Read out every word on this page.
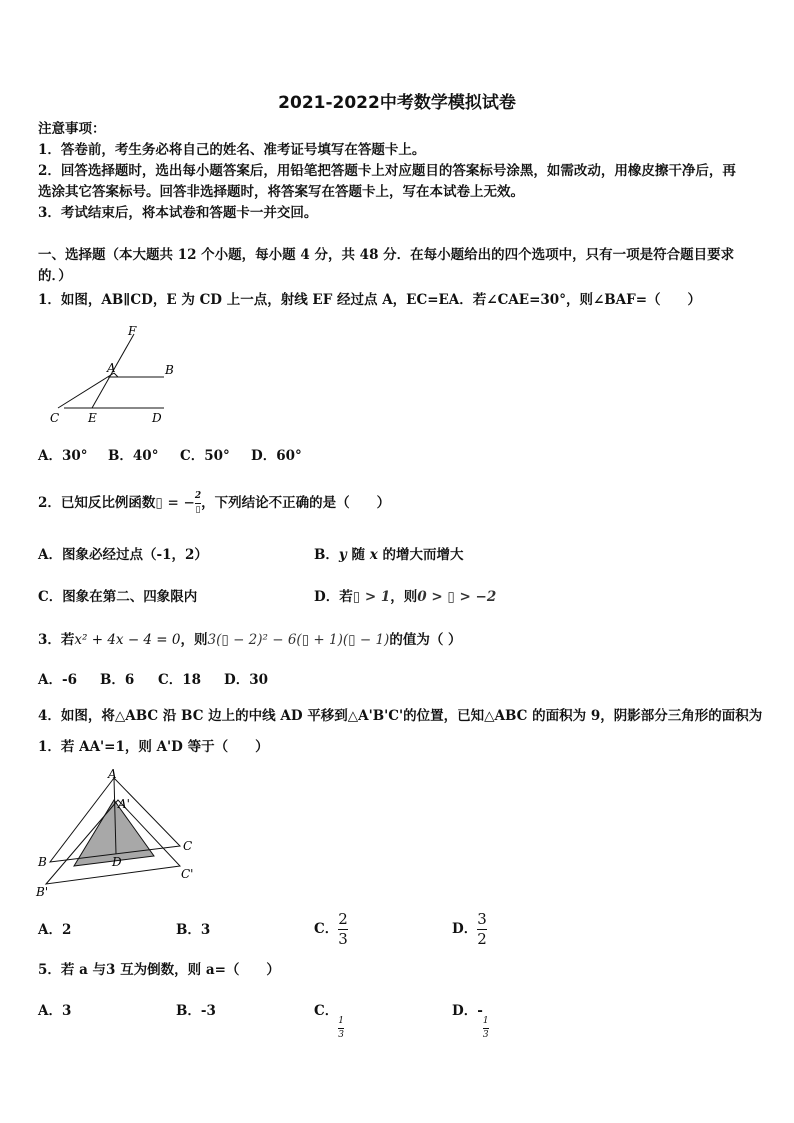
2021-2022中考数学模拟试卷
注意事项：
1．答卷前，考生务必将自己的姓名、准考证号填写在答题卡上。
2．回答选择题时，选出每小题答案后，用铅笔把答题卡上对应题目的答案标号涂黑，如需改动，用橡皮擦干净后，再
选涂其它答案标号。回答非选择题时，将答案写在答题卡上，写在本试卷上无效。
3．考试结束后，将本试卷和答题卡一并交回。
一、选择题（本大题共 12 个小题，每小题 4 分，共 48 分．在每小题给出的四个选项中，只有一项是符合题目要求
的．）
1．如图，AB∥CD，E 为 CD 上一点，射线 EF 经过点 A，EC=EA．若∠CAE=30°，则∠BAF=（　　）
F
A	B
C E	D
A．30° B．40° C．50° D．60°
2．已知反比例函数▯ = − $\frac{2}{▯}$ ，下列结论不正确的是（　　）
A．图象必经过点（-1，2）	B．y 随 x 的增大而增大
C．图象在第二、四象限内	D．若▯ > 1，则0 > ▯ > −2
3．若x² + 4x − 4 = 0，则3(▯ − 2)² − 6(▯ + 1)(▯ − 1)的值为（ ）
A．-6 B．6 C．18 D．30
4．如图，将△ABC 沿 BC 边上的中线 AD 平移到△A'B'C'的位置，已知△ABC 的面积为 9，阴影部分三角形的面积为
1．若 AA'=1，则 A'D 等于（　　）
A
A'
B	D
C
B'
C'
A．2	B．3	C． $\frac{2}{3}$	D． $\frac{3}{2}$
5．若 a 与3 互为倒数，则 a=（　　）
A．3	B．-3	C．
$\frac{1}{3}$
D．-
$\frac{1}{3}$
